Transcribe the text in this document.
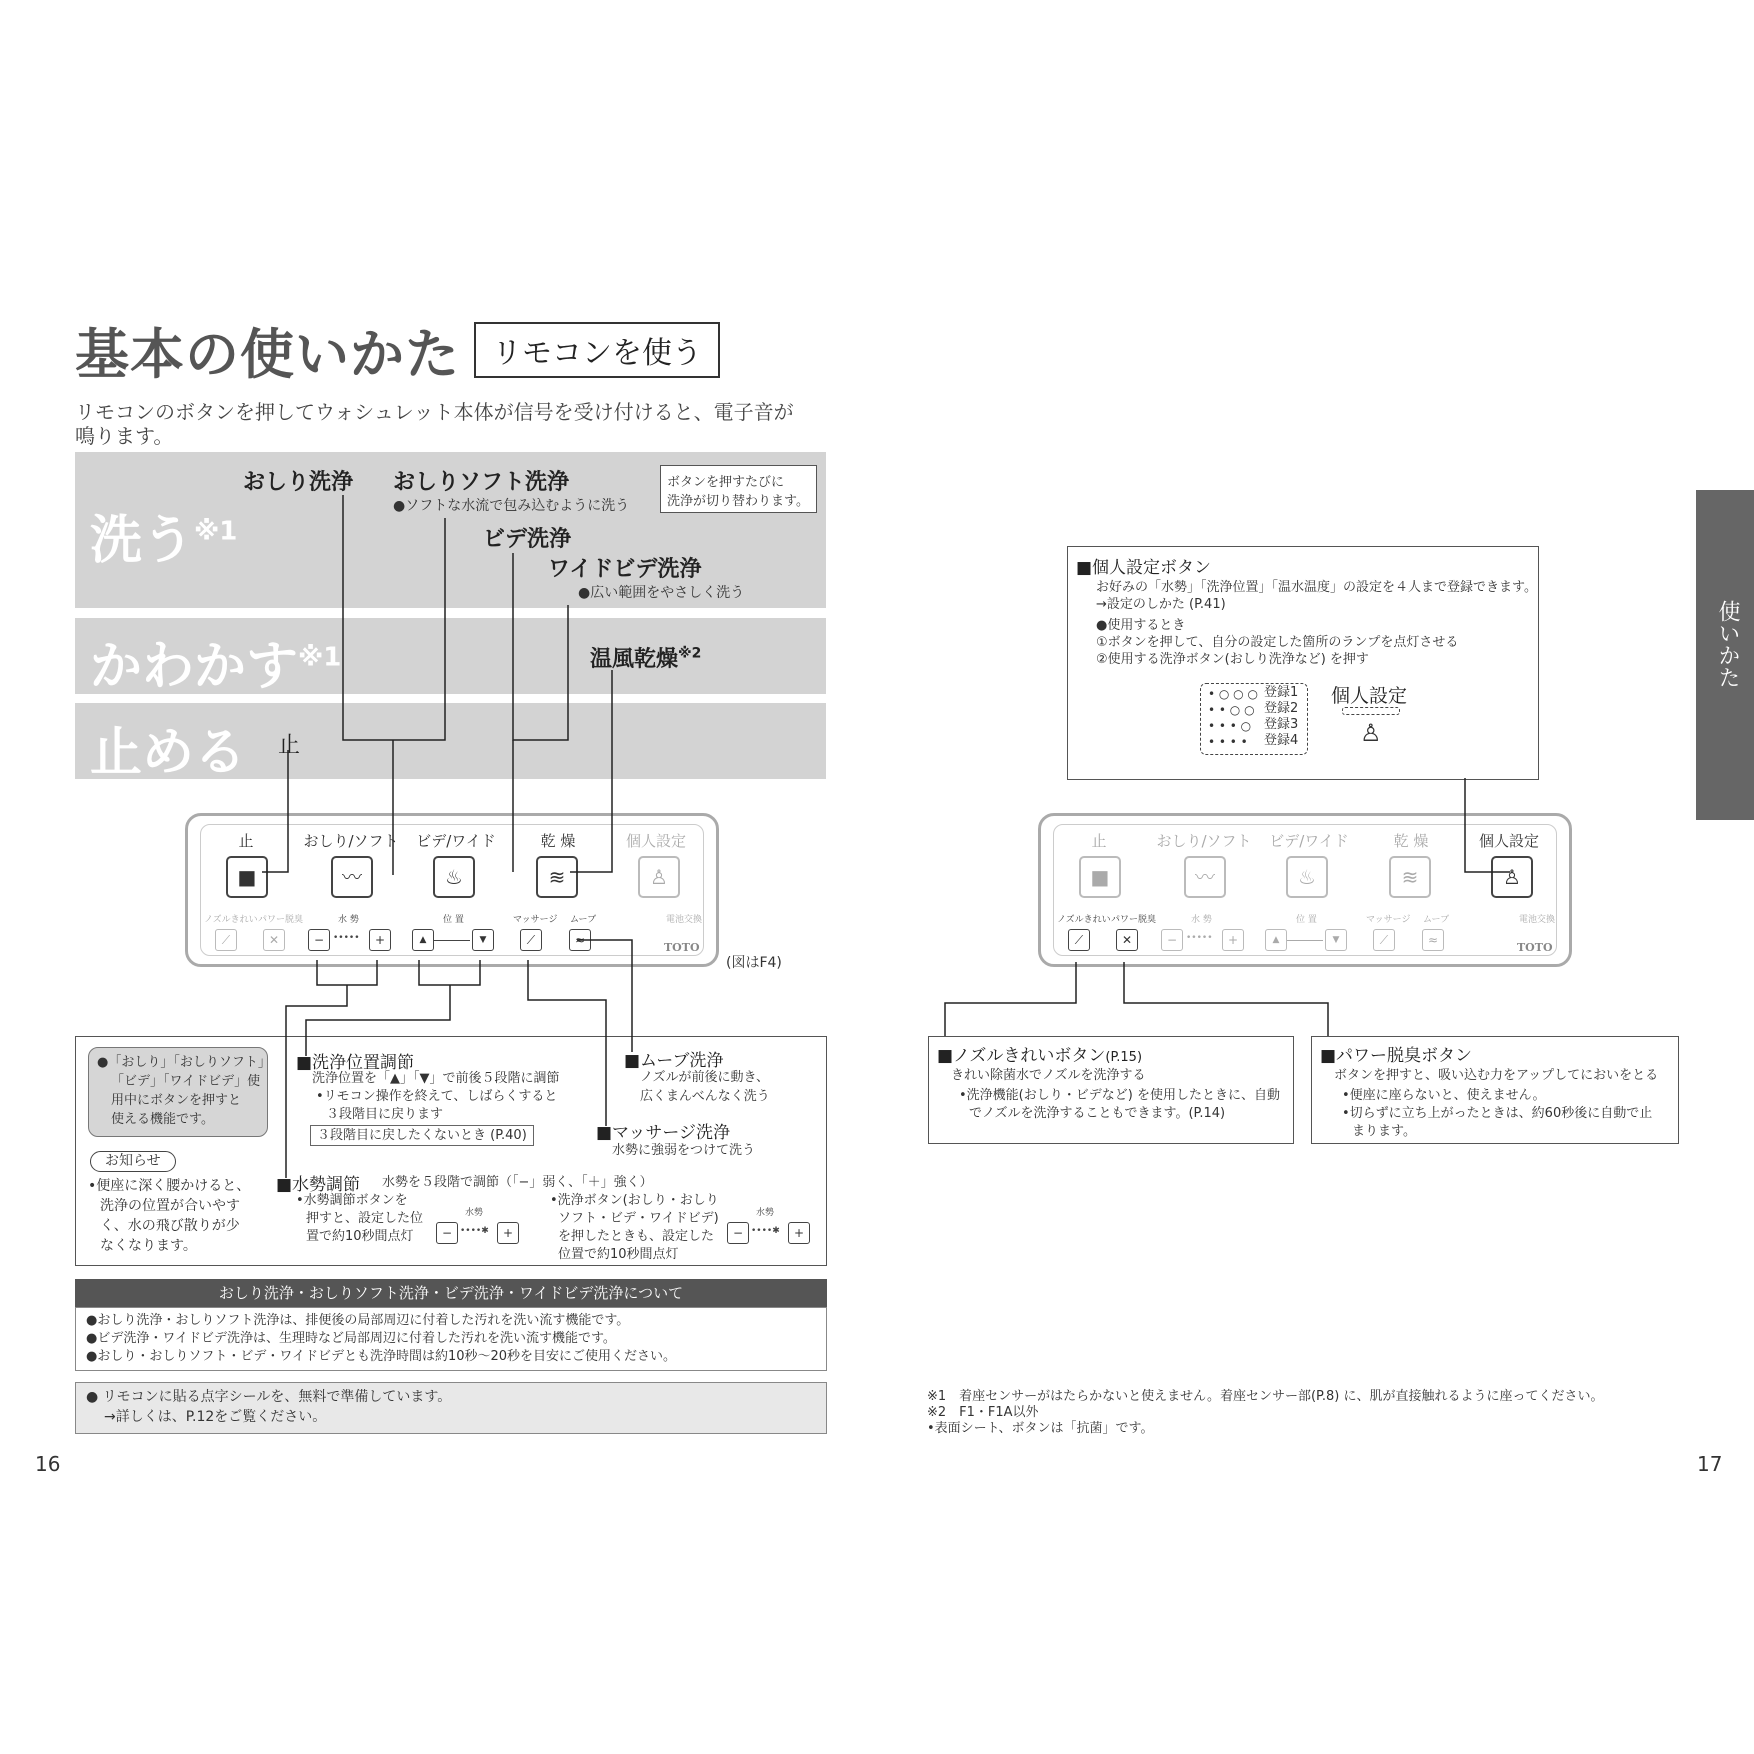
基本の使いかた	リモコンを使う
リモコンのボタンを押してウォシュレット本体が信号を受け付けると、電子音が
鳴ります。
洗う$^{※1}$
かわかす$^{※1}$
止める
おしり洗浄 おしりソフト洗浄
●ソフトな水流で包み込むように洗う
ボタンを押すたびに
洗浄が切り替わります。
ビデ洗浄
ワイドビデ洗浄
●広い範囲をやさしく洗う
温風乾燥$^{※2}$
止
止	おしり/ソフト	ビデ/ワイド	乾 燥	個人設定
■	〰	♨	≋	♙
ノズルきれい パワー脱臭	水 勢	位 置	マッサージ ムーブ	電池交換
⟋	✕	− •••••	+	▲	▼	⟋	≈
TOTO
(図はF4)
●「おしり」「おしりソフト」
「ビデ」「ワイドビデ」使
用中にボタンを押すと
使える機能です。
お知らせ
•便座に深く腰かけると、
洗浄の位置が合いやす
く、水の飛び散りが少
なくなります。
■洗浄位置調節
洗浄位置を「▲」「▼」で前後５段階に調節
•リモコン操作を終えて、しばらくすると
３段階目に戻ります
３段階目に戻したくないとき (P.40)
■ムーブ洗浄
ノズルが前後に動き、
広くまんべんなく洗う
■マッサージ洗浄
水勢に強弱をつけて洗う
■水勢調節 水勢を５段階で調節（「−」弱く、「＋」強く）
•水勢調節ボタンを
押すと、設定した位
置で約10秒間点灯
水勢
− ••••✱	+
•洗浄ボタン(おしり・おしり
ソフト・ビデ・ワイドビデ)
を押したときも、設定した
位置で約10秒間点灯
水勢
− ••••✱	+
おしり洗浄・おしりソフト洗浄・ビデ洗浄・ワイドビデ洗浄について
●おしり洗浄・おしりソフト洗浄は、排便後の局部周辺に付着した汚れを洗い流す機能です。
●ビデ洗浄・ワイドビデ洗浄は、生理時など局部周辺に付着した汚れを洗い流す機能です。
●おしり・おしりソフト・ビデ・ワイドビデとも洗浄時間は約10秒〜20秒を目安にご使用ください。
● リモコンに貼る点字シールを、無料で準備しています。
→詳しくは、P.12をご覧ください。
16
■個人設定ボタン
お好みの「水勢」「洗浄位置」「温水温度」の設定を４人まで登録できます。
→設定のしかた (P.41)
●使用するとき
①ボタンを押して、自分の設定した箇所のランプを点灯させる
②使用する洗浄ボタン(おしり洗浄など) を押す
• ○ ○ ○
• • ○ ○
• • • ○
• • • •
登録1
登録2
登録3
登録4
個人設定
♙
止	おしり/ソフト	ビデ/ワイド	乾 燥	個人設定
■	〰	♨	≋	♙
ノズルきれい パワー脱臭	水 勢	位 置	マッサージ ムーブ	電池交換
⟋	✕	− •••••	+	▲	▼	⟋	≈
TOTO
■ノズルきれいボタン(P.15)
きれい除菌水でノズルを洗浄する
•洗浄機能(おしり・ビデなど) を使用したときに、自動
でノズルを洗浄することもできます。(P.14)
■パワー脱臭ボタン
ボタンを押すと、吸い込む力をアップしてにおいをとる
•便座に座らないと、使えません。
•切らずに立ち上がったときは、約60秒後に自動で止
まります。
※1　着座センサーがはたらかないと使えません。着座センサー部(P.8) に、肌が直接触れるように座ってください。
※2　F1・F1A以外
•表面シート、ボタンは「抗菌」です。
17
使いかた
